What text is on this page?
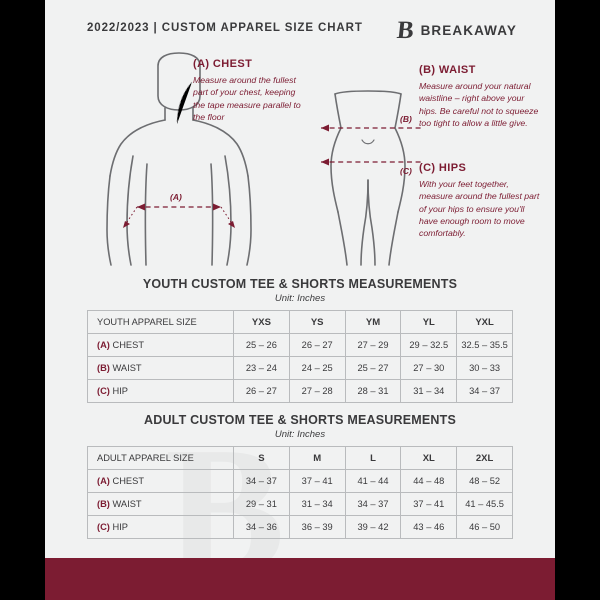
2022/2023 | CUSTOM APPAREL SIZE CHART B BREAKAWAY
(A)
(B)
(C)
(A) CHEST
Measure around the fullest part of your chest, keeping the tape measure parallel to the floor
(B) WAIST
Measure around your natural waistline – right above your hips. Be careful not to squeeze too tight to allow a little give.
(C) HIPS
With your feet together, measure around the fullest part of your hips to ensure you'll have enough room to move comfortably.
YOUTH CUSTOM TEE & SHORTS MEASUREMENTS
Unit: Inches
YOUTH APPAREL SIZE	YXS	YS	YM	YL	YXL
(A) CHEST	25 – 26	26 – 27	27 – 29	29 – 32.5	32.5 – 35.5
(B) WAIST	23 – 24	24 – 25	25 – 27	27 – 30	30 – 33
(C) HIP	26 – 27	27 – 28	28 – 31	31 – 34	34 – 37
ADULT CUSTOM TEE & SHORTS MEASUREMENTS
Unit: Inches
ADULT APPAREL SIZE	S	M	L	XL	2XL
(A) CHEST	34 – 37	37 – 41	41 – 44	44 – 48	48 – 52
(B) WAIST	29 – 31	31 – 34	34 – 37	37 – 41	41 – 45.5
(C) HIP	34 – 36	36 – 39	39 – 42	43 – 46	46 – 50
